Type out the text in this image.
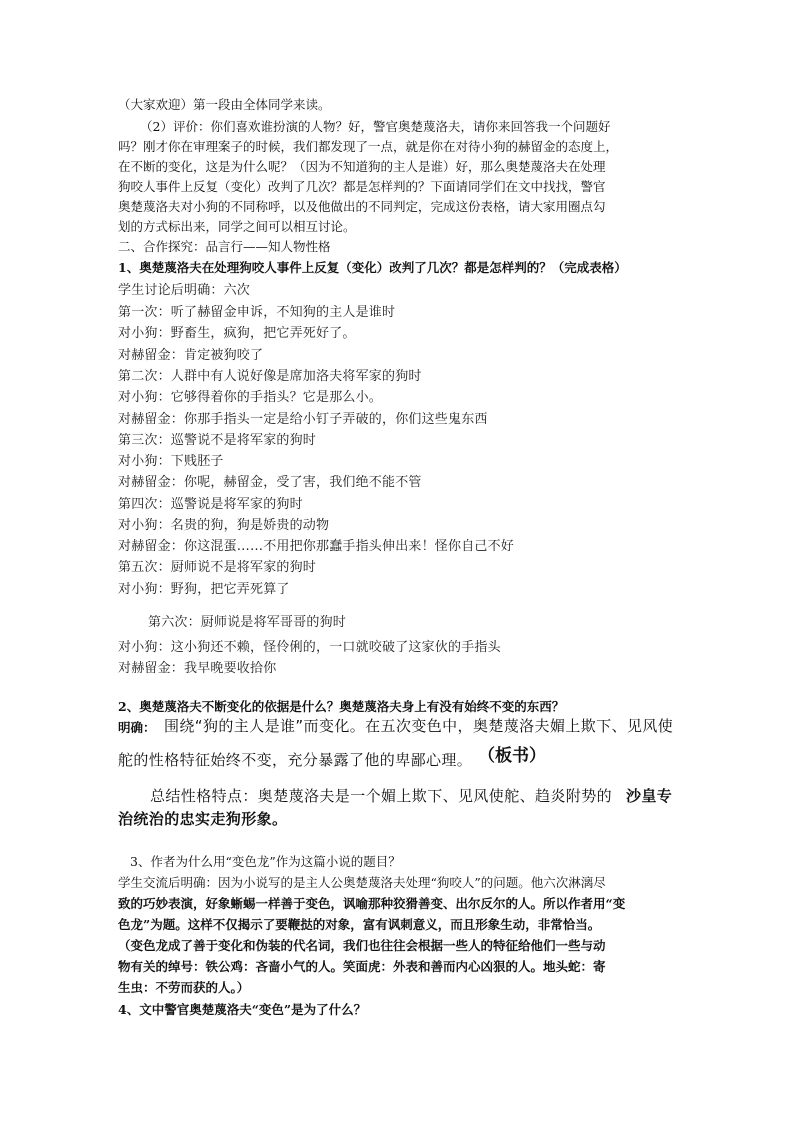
（大家欢迎）第一段由全体同学来读。
（2）评价：你们喜欢谁扮演的人物？好，警官奥楚蔑洛夫，请你来回答我一个问题好
吗？刚才你在审理案子的时候，我们都发现了一点，就是你在对待小狗的赫留金的态度上，
在不断的变化，这是为什么呢？（因为不知道狗的主人是谁）好，那么奥楚蔑洛夫在处理
狗咬人事件上反复（变化）改判了几次？都是怎样判的？下面请同学们在文中找找，警官
奥楚蔑洛夫对小狗的不同称呼，以及他做出的不同判定，完成这份表格，请大家用圈点勾
划的方式标出来，同学之间可以相互讨论。
二、合作探究：品言行——知人物性格
1、奥楚蔑洛夫在处理狗咬人事件上反复（变化）改判了几次？都是怎样判的？（完成表格）
学生讨论后明确：六次
第一次：听了赫留金申诉，不知狗的主人是谁时
对小狗：野畜生，疯狗，把它弄死好了。
对赫留金：肯定被狗咬了
第二次：人群中有人说好像是席加洛夫将军家的狗时
对小狗：它够得着你的手指头？它是那么小。
对赫留金：你那手指头一定是给小钉子弄破的，你们这些鬼东西
第三次：巡警说不是将军家的狗时
对小狗：下贱胚子
对赫留金：你呢，赫留金，受了害，我们绝不能不管
第四次：巡警说是将军家的狗时
对小狗：名贵的狗，狗是娇贵的动物
对赫留金：你这混蛋……不用把你那蠢手指头伸出来！怪你自己不好
第五次：厨师说不是将军家的狗时
对小狗：野狗，把它弄死算了
第六次：厨师说是将军哥哥的狗时
对小狗：这小狗还不赖，怪伶俐的，一口就咬破了这家伙的手指头
对赫留金：我早晚要收拾你
2、奥楚蔑洛夫不断变化的依据是什么？奥楚蔑洛夫身上有没有始终不变的东西？
明确： 围绕“狗的主人是谁”而变化。在五次变色中，奥楚蔑洛夫媚上欺下、见风使
舵的性格特征始终不变，充分暴露了他的卑鄙心理。 （板书）
总结性格特点：奥楚蔑洛夫是一个媚上欺下、见风使舵、趋炎附势的 沙皇专
治统治的忠实走狗形象。
3、作者为什么用“变色龙”作为这篇小说的题目？
学生交流后明确：因为小说写的是主人公奥楚蔑洛夫处理“狗咬人”的问题。他六次淋漓尽
致的巧妙表演，好象蜥蜴一样善于变色，讽喻那种狡猾善变、出尔反尔的人。所以作者用“变
色龙”为题。这样不仅揭示了要鞭挞的对象，富有讽刺意义，而且形象生动，非常恰当。
（变色龙成了善于变化和伪装的代名词，我们也往往会根据一些人的特征给他们一些与动
物有关的绰号：铁公鸡：吝啬小气的人。笑面虎：外表和善而内心凶狠的人。地头蛇：寄
生虫：不劳而获的人。）
4、文中警官奥楚蔑洛夫“变色”是为了什么？
